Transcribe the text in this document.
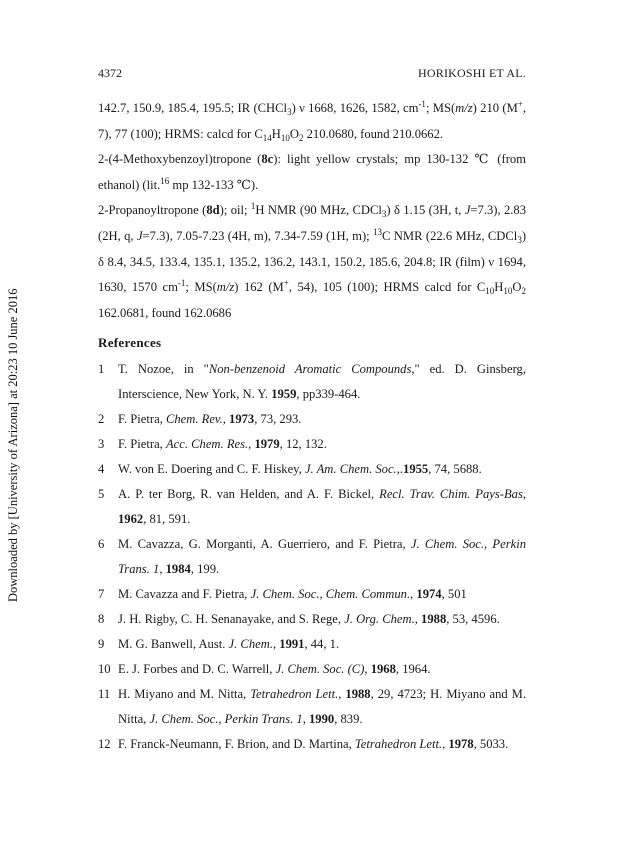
Downloaded by [University of Arizona] at 20:23 10 June 2016
4372	HORIKOSHI ET AL.

142.7, 150.9, 185.4, 195.5; IR (CHCl$_3$) ν 1668, 1626, 1582, $cm^{-1}$; MS(m/z) 210 (M+, 7), 77 (100); HRMS: calcd for $C_{14}H_{10}O_2$ 210.0680, found 210.0662.

2-(4-Methoxybenzoyl)tropone (8c): light yellow crystals; mp 130-132 ℃ (from ethanol) (lit.$^{16}$ mp 132-133 ℃).

2-Propanoyltropone (8d); oil; $^1$H NMR (90 MHz, CDCl$_3$) δ 1.15 (3H, t, J=7.3), 2.83 (2H, q, J=7.3), 7.05-7.23 (4H, m), 7.34-7.59 (1H, m); $^{13}$C NMR (22.6 MHz, CDCl$_3$) δ 8.4, 34.5, 133.4, 135.1, 135.2, 136.2, 143.1, 150.2, 185.6, 204.8; IR (film) ν 1694, 1630, 1570 $cm^{-1}$; MS(m/z) 162 (M+, 54), 105 (100); HRMS calcd for $C_{10}H_{10}O_2$ 162.0681, found 162.0686

References
1 T. Nozoe, in "Non-benzenoid Aromatic Compounds," ed. D. Ginsberg, Interscience, New York, N. Y. 1959, pp339-464.
2 F. Pietra, Chem. Rev., 1973, 73, 293.
3 F. Pietra, Acc. Chem. Res., 1979, 12, 132.
4 W. von E. Doering and C. F. Hiskey, J. Am. Chem. Soc.,.1955, 74, 5688.
5 A. P. ter Borg, R. van Helden, and A. F. Bickel, Recl. Trav. Chim. Pays-Bas, 1962, 81, 591.
6 M. Cavazza, G. Morganti, A. Guerriero, and F. Pietra, J. Chem. Soc., Perkin Trans. 1, 1984, 199.
7 M. Cavazza and F. Pietra, J. Chem. Soc., Chem. Commun., 1974, 501
8 J. H. Rigby, C. H. Senanayake, and S. Rege, J. Org. Chem., 1988, 53, 4596.
9 M. G. Banwell, Aust. J. Chem., 1991, 44, 1.
10 E. J. Forbes and D. C. Warrell, J. Chem. Soc. (C), 1968, 1964.
11 H. Miyano and M. Nitta, Tetrahedron Lett., 1988, 29, 4723; H. Miyano and M. Nitta, J. Chem. Soc., Perkin Trans. 1, 1990, 839.
12 F. Franck-Neumann, F. Brion, and D. Martina, Tetrahedron Lett., 1978, 5033.
